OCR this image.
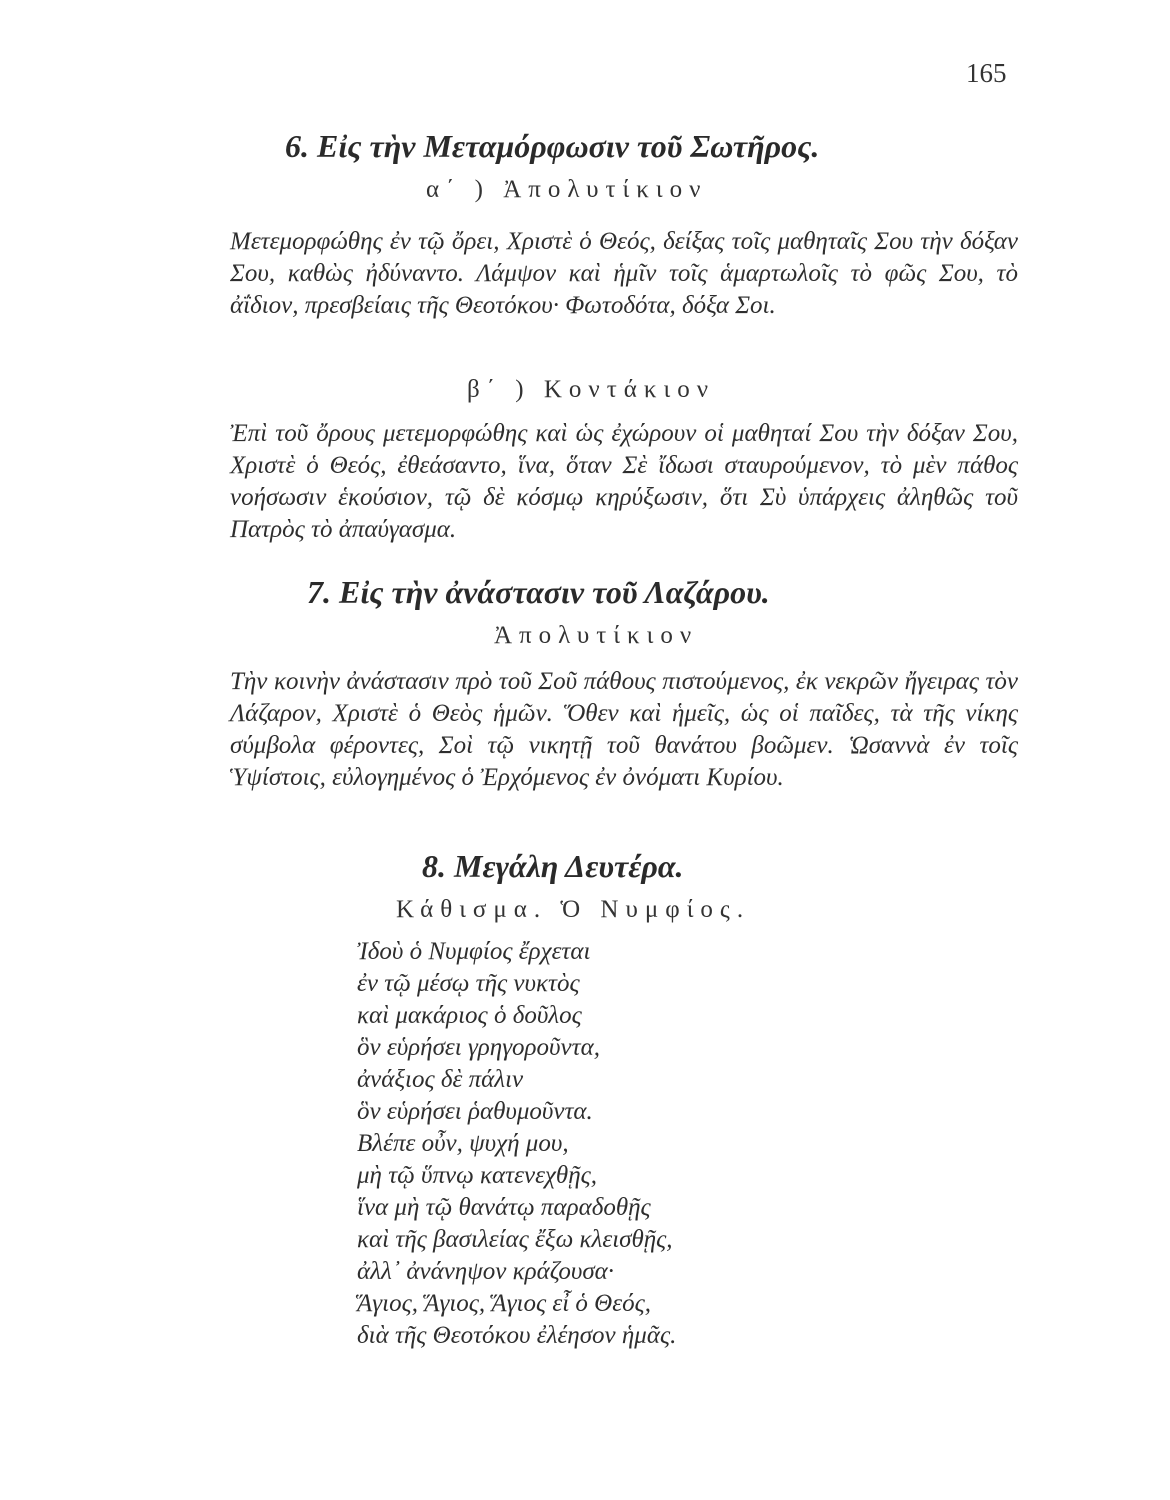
165
6. Εἰς τὴν Μεταμόρφωσιν τοῦ Σωτῆρος.
α΄ ) Ἀπολυτίκιον
Μετεμορφώθης ἐν τῷ ὄρει, Χριστὲ ὁ Θεός, δείξας τοῖς μαθηταῖς Σου τὴν δόξαν Σου, καθὼς ἠδύναντο. Λάμψον καὶ ἡμῖν τοῖς ἁμαρτωλοῖς τὸ φῶς Σου, τὸ ἀΐδιον, πρεσβείαις τῆς Θεοτόκου· Φωτοδότα, δόξα Σοι.
β΄ ) Κοντάκιον
Ἐπὶ τοῦ ὄρους μετεμορφώθης καὶ ὡς ἐχώρουν οἱ μαθηταί Σου τὴν δόξαν Σου, Χριστὲ ὁ Θεός, ἐθεάσαντο, ἵνα, ὅταν Σὲ ἴδωσι σταυρούμενον, τὸ μὲν πάθος νοήσωσιν ἑκούσιον, τῷ δὲ κόσμῳ κηρύξωσιν, ὅτι Σὺ ὑπάρχεις ἀληθῶς τοῦ Πατρὸς τὸ ἀπαύγασμα.
7. Εἰς τὴν ἀνάστασιν τοῦ Λαζάρου.
Ἀπολυτίκιον
Τὴν κοινὴν ἀνάστασιν πρὸ τοῦ Σοῦ πάθους πιστούμενος, ἐκ νεκρῶν ἤγειρας τὸν Λάζαρον, Χριστὲ ὁ Θεὸς ἡμῶν. Ὅθεν καὶ ἡμεῖς, ὡς οἱ παῖδες, τὰ τῆς νίκης σύμβολα φέροντες, Σοὶ τῷ νικητῇ τοῦ θανάτου βοῶμεν. Ὡσαννὰ ἐν τοῖς Ὑψίστοις, εὐλογημένος ὁ Ἐρχόμενος ἐν ὀνόματι Κυρίου.
8. Μεγάλη Δευτέρα.
Κάθισμα. Ὁ Νυμφίος.
Ἰδοὺ ὁ Νυμφίος ἔρχεται
ἐν τῷ μέσῳ τῆς νυκτὸς
καὶ μακάριος ὁ δοῦλος
ὃν εὑρήσει γρηγοροῦντα,
ἀνάξιος δὲ πάλιν
ὃν εὑρήσει ῥαθυμοῦντα.
Βλέπε οὖν, ψυχή μου,
μὴ τῷ ὕπνῳ κατενεχθῇς,
ἵνα μὴ τῷ θανάτῳ παραδοθῇς
καὶ τῆς βασιλείας ἔξω κλεισθῇς,
ἀλλ᾽ ἀνάνηψον κράζουσα·
Ἅγιος, Ἅγιος, Ἅγιος εἶ ὁ Θεός,
διὰ τῆς Θεοτόκου ἐλέησον ἡμᾶς.
